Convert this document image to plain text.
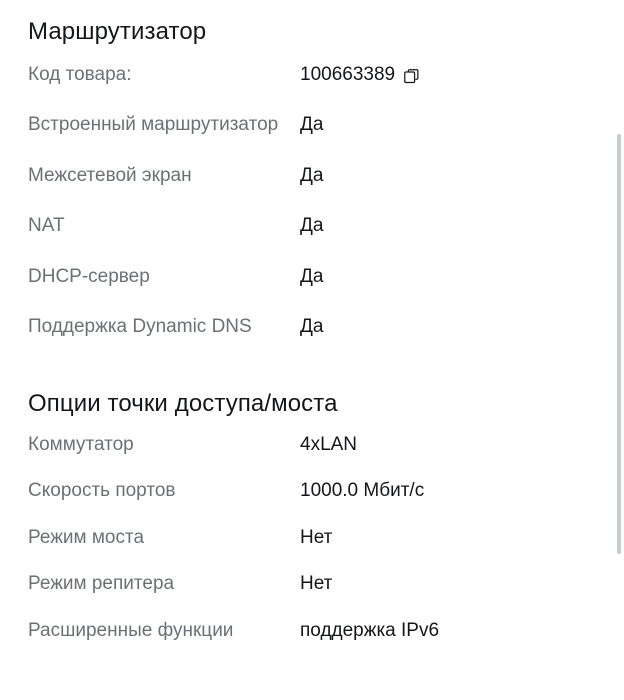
Маршрутизатор
Код товара:	100663389

Встроенный маршрутизатор	Да
Межсетевой экран	Да
NAT	Да
DHCP-сервер	Да
Поддержка Dynamic DNS	Да
Опции точки доступа/моста
Коммутатор	4xLAN
Скорость портов	1000.0 Мбит/с
Режим моста	Нет
Режим репитера	Нет
Расширенные функции	поддержка IPv6
